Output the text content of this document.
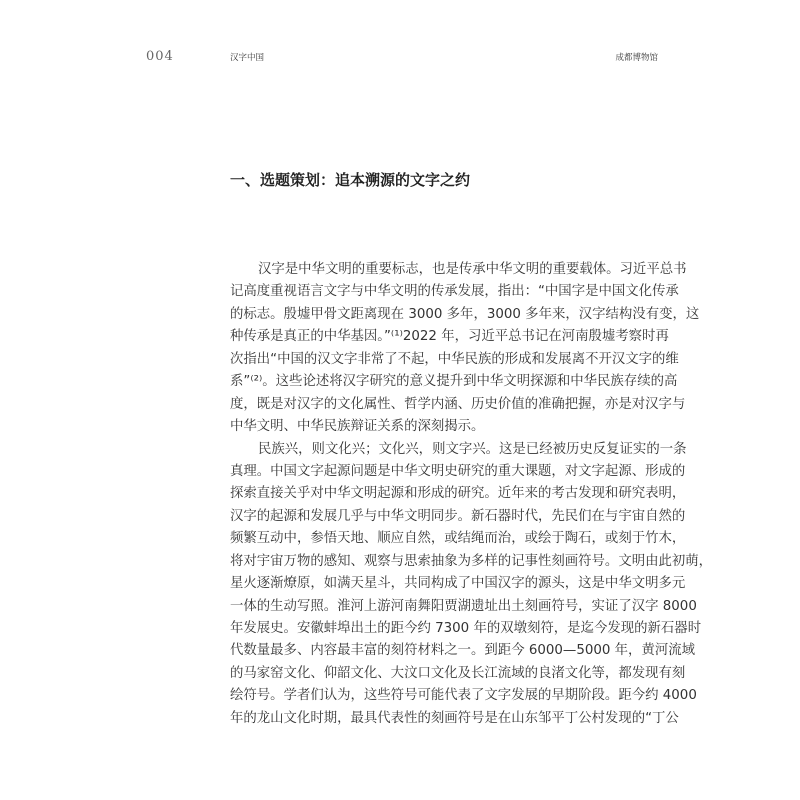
004	汉字中国	成都博物馆
一、选题策划：追本溯源的文字之约
汉字是中华文明的重要标志，也是传承中华文明的重要载体。习近平总书
记高度重视语言文字与中华文明的传承发展，指出：“中国字是中国文化传承
的标志。殷墟甲骨文距离现在 3000 多年，3000 多年来，汉字结构没有变，这
种传承是真正的中华基因。”⁽¹⁾2022 年，习近平总书记在河南殷墟考察时再
次指出“中国的汉文字非常了不起，中华民族的形成和发展离不开汉文字的维
系”⁽²⁾。这些论述将汉字研究的意义提升到中华文明探源和中华民族存续的高
度，既是对汉字的文化属性、哲学内涵、历史价值的准确把握，亦是对汉字与
中华文明、中华民族辩证关系的深刻揭示。
民族兴，则文化兴；文化兴，则文字兴。这是已经被历史反复证实的一条
真理。中国文字起源问题是中华文明史研究的重大课题，对文字起源、形成的
探索直接关乎对中华文明起源和形成的研究。近年来的考古发现和研究表明，
汉字的起源和发展几乎与中华文明同步。新石器时代，先民们在与宇宙自然的
频繁互动中，参悟天地、顺应自然，或结绳而治，或绘于陶石，或刻于竹木，
将对宇宙万物的感知、观察与思索抽象为多样的记事性刻画符号。文明由此初萌，
星火逐渐燎原，如满天星斗，共同构成了中国汉字的源头，这是中华文明多元
一体的生动写照。淮河上游河南舞阳贾湖遗址出土刻画符号，实证了汉字 8000
年发展史。安徽蚌埠出土的距今约 7300 年的双墩刻符，是迄今发现的新石器时
代数量最多、内容最丰富的刻符材料之一。到距今 6000—5000 年，黄河流域
的马家窑文化、仰韶文化、大汶口文化及长江流域的良渚文化等，都发现有刻
绘符号。学者们认为，这些符号可能代表了文字发展的早期阶段。距今约 4000
年的龙山文化时期，最具代表性的刻画符号是在山东邹平丁公村发现的“丁公
